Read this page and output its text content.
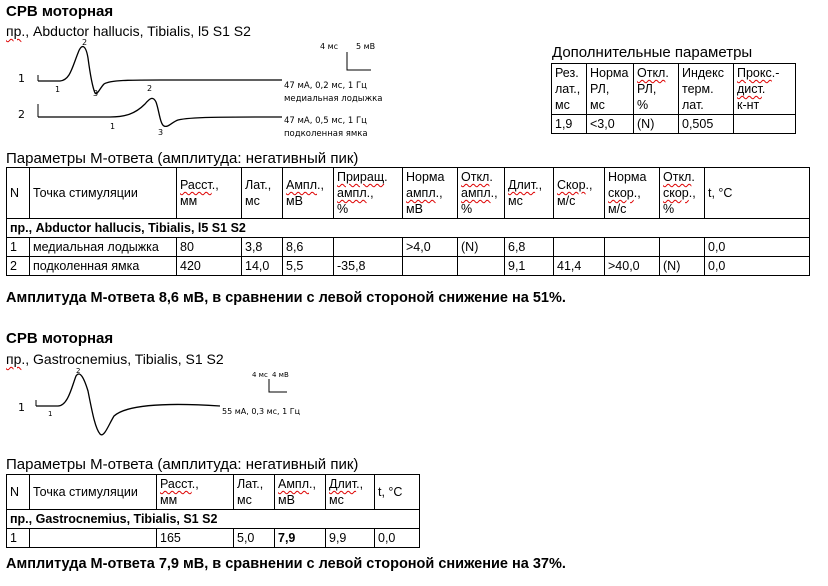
СРВ моторная
пр., Abductor hallucis, Tibialis, l5 S1 S2
4 мс 5 мВ
1
2
1
2
3
1
2
3
47 мА, 0,2 мс, 1 Гц
медиальная лодыжка
47 мА, 0,5 мс, 1 Гц
подколенная ямка
Дополнительные параметры
Рез.
лат.,
мс	Норма
РЛ,
мс	Откл.
РЛ,
%	Индекс
терм.
лат.	Прокс.-
дист.
к-нт
1,9	<3,0	(N)	0,505	
Параметры М-ответа (амплитуда: негативный пик)
N	Точка стимуляции	Расст.,
мм	Лат.,
мс	Ампл.,
мВ	Приращ.
ампл.,
%	Норма
ампл.,
мВ	Откл.
ампл.,
%	Длит.,
мс	Скор.,
м/с	Норма
скор.,
м/с	Откл.
скор.,
%	t, °C
пр., Abductor hallucis, Tibialis, l5 S1 S2												
1	медиальная лодыжка	80	3,8	8,6		>4,0	(N)	6,8				0,0
2	подколенная ямка	420	14,0	5,5	-35,8			9,1	41,4	>40,0	(N)	0,0
Амплитуда М-ответа 8,6 мВ, в сравнении с левой стороной снижение на 51%.
СРВ моторная
пр., Gastrocnemius, Tibialis, S1 S2
4 мс 4 мВ
1	1
2
55 мА, 0,3 мс, 1 Гц
Параметры М-ответа (амплитуда: негативный пик)
N	Точка стимуляции	Расст.,
мм	Лат.,
мс	Ампл.,
мВ	Длит.,
мс	t, °C
пр., Gastrocnemius, Tibialis, S1 S2						
1		165	5,0	7,9	9,9	0,0
Амплитуда М-ответа 7,9 мВ, в сравнении с левой стороной снижение на 37%.
